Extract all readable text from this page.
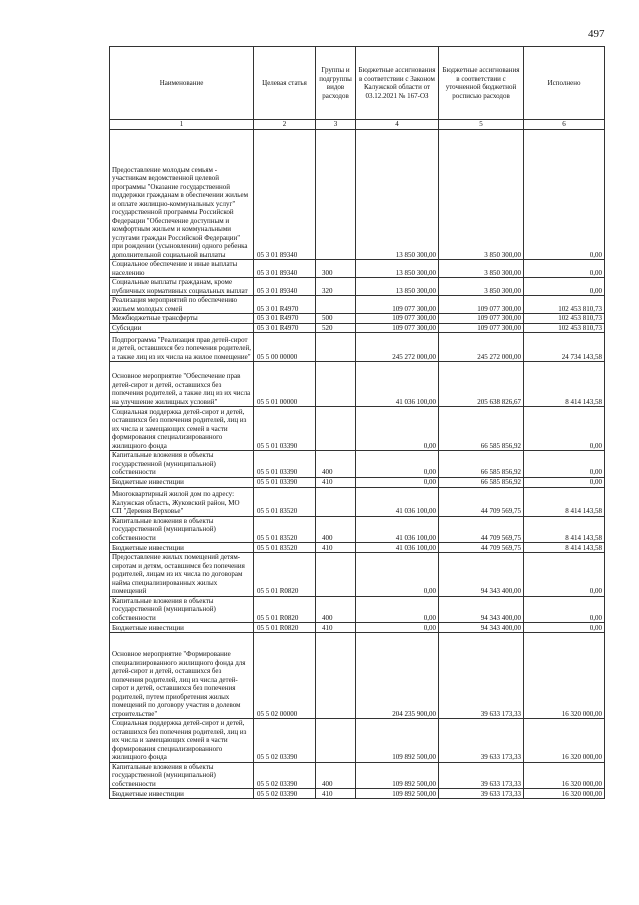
497
Наименование	Целевая статья	Группы и подгруппы видов расходов	Бюджетные ассигнования в соответствии с Законом Калужской области от 03.12.2021 № 167-ОЗ	Бюджетные ассигнования в соответствии с уточненной бюджетной росписью расходов	Исполнено
1	2	3	4	5	6
Предоставление молодым семьям - участникам ведомственной целевой программы "Оказание государственной поддержки гражданам в обеспечении жильем и оплате жилищно-коммунальных услуг" государственной программы Российской Федерации "Обеспечение доступным и комфортным жильем и коммунальными услугами граждан Российской Федерации" при рождении (усыновлении) одного ребенка дополнительной социальной выплаты	05 3 01 89340		13 850 300,00	3 850 300,00	0,00
Социальное обеспечение и иные выплаты населению	05 3 01 89340	300	13 850 300,00	3 850 300,00	0,00
Социальные выплаты гражданам, кроме публичных нормативных социальных выплат	05 3 01 89340	320	13 850 300,00	3 850 300,00	0,00
Реализация мероприятий по обеспечению жильем молодых семей	05 3 01 R4970		109 077 300,00	109 077 300,00	102 453 810,73
Межбюджетные трансферты	05 3 01 R4970	500	109 077 300,00	109 077 300,00	102 453 810,73
Субсидии	05 3 01 R4970	520	109 077 300,00	109 077 300,00	102 453 810,73
Подпрограмма "Реализация прав детей-сирот и детей, оставшихся без попечения родителей, а также лиц из их числа на жилое помещение"	05 5 00 00000		245 272 000,00	245 272 000,00	24 734 143,58
Основное мероприятие "Обеспечение прав детей-сирот и детей, оставшихся без попечения родителей, а также лиц из их числа на улучшение жилищных условий"	05 5 01 00000		41 036 100,00	205 638 826,67	8 414 143,58
Социальная поддержка детей-сирот и детей, оставшихся без попечения родителей, лиц из их числа и замещающих семей в части формирования специализированного жилищного фонда	05 5 01 03390		0,00	66 585 856,92	0,00
Капитальные вложения в объекты государственной (муниципальной) собственности	05 5 01 03390	400	0,00	66 585 856,92	0,00
Бюджетные инвестиции	05 5 01 03390	410	0,00	66 585 856,92	0,00
Многоквартирный жилой дом по адресу: Калужская область, Жуковский район, МО СП "Деревня Верховье"	05 5 01 83520		41 036 100,00	44 709 569,75	8 414 143,58
Капитальные вложения в объекты государственной (муниципальной) собственности	05 5 01 83520	400	41 036 100,00	44 709 569,75	8 414 143,58
Бюджетные инвестиции	05 5 01 83520	410	41 036 100,00	44 709 569,75	8 414 143,58
Предоставление жилых помещений детям-сиротам и детям, оставшимся без попечения родителей, лицам из их числа по договорам найма специализированных жилых помещений	05 5 01 R0820		0,00	94 343 400,00	0,00
Капитальные вложения в объекты государственной (муниципальной) собственности	05 5 01 R0820	400	0,00	94 343 400,00	0,00
Бюджетные инвестиции	05 5 01 R0820	410	0,00	94 343 400,00	0,00
Основное мероприятие "Формирование специализированного жилищного фонда для детей-сирот и детей, оставшихся без попечения родителей, лиц из числа детей-сирот и детей, оставшихся без попечения родителей, путем приобретения жилых помещений по договору участия в долевом строительстве"	05 5 02 00000		204 235 900,00	39 633 173,33	16 320 000,00
Социальная поддержка детей-сирот и детей, оставшихся без попечения родителей, лиц из их числа и замещающих семей в части формирования специализированного жилищного фонда	05 5 02 03390		109 892 500,00	39 633 173,33	16 320 000,00
Капитальные вложения в объекты государственной (муниципальной) собственности	05 5 02 03390	400	109 892 500,00	39 633 173,33	16 320 000,00
Бюджетные инвестиции	05 5 02 03390	410	109 892 500,00	39 633 173,33	16 320 000,00
